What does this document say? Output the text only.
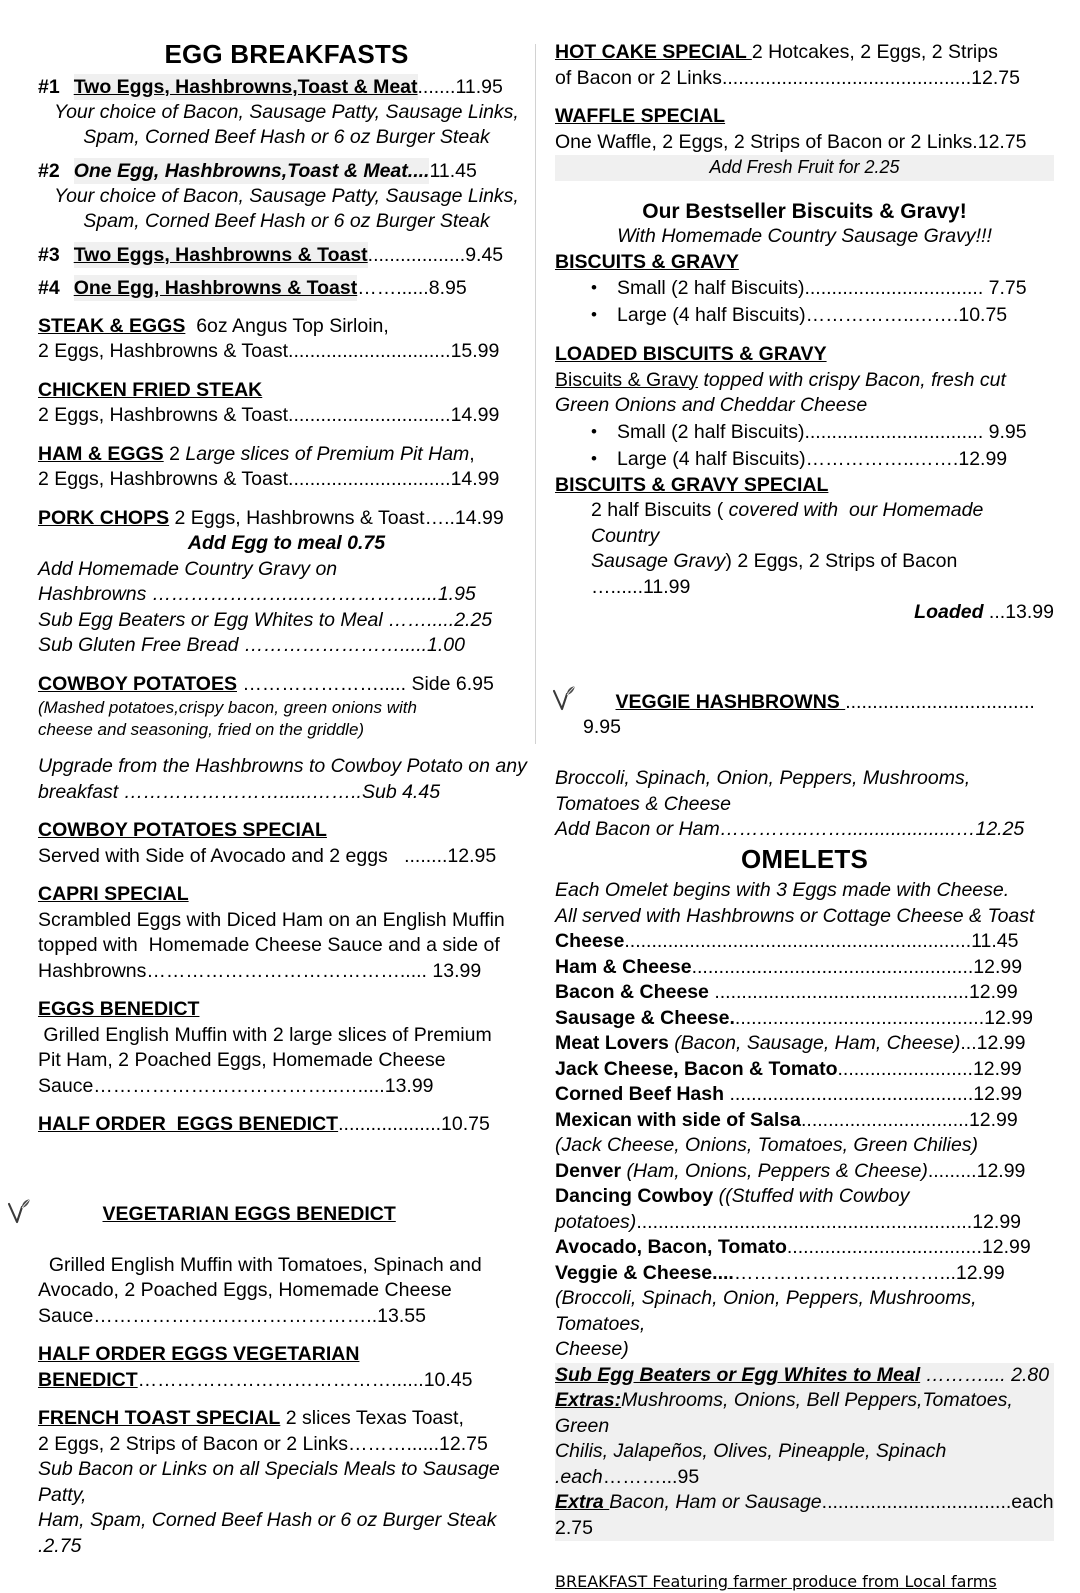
EGG BREAKFASTS
#1 Two Eggs, Hashbrowns,Toast & Meat ....... 11.95
Your choice of Bacon, Sausage Patty, Sausage Links,
Spam, Corned Beef Hash or 6 oz Burger Steak
#2 One Egg, Hashbrowns,Toast & Meat.... 11.45
Your choice of Bacon, Sausage Patty, Sausage Links,
Spam, Corned Beef Hash or 6 oz Burger Steak
#3 Two Eggs, Hashbrowns & Toast .................. 9.45
#4 One Egg, Hashbrowns & Toast ……...... 8.95
STEAK & EGGS  6oz Angus Top Sirloin,
2 Eggs, Hashbrowns & Toast..............................15.99
CHICKEN FRIED STEAK
2 Eggs, Hashbrowns & Toast..............................14.99
HAM & EGGS 2 Large slices of Premium Pit Ham,
2 Eggs, Hashbrowns & Toast..............................14.99
PORK CHOPS 2 Eggs, Hashbrowns & Toast…..14.99
Add Egg to meal 0.75
Add Homemade Country Gravy on
Hashbrowns …………………..………………....1.95
Sub Egg Beaters or Egg Whites to Meal …….....2.25
Sub Gluten Free Bread …………………….....1.00
COWBOY POTATOES …………………..... Side 6.95
(Mashed potatoes,crispy bacon, green onions with
cheese and seasoning, fried on the griddle)
Upgrade from the Hashbrowns to Cowboy Potato on any
breakfast ……………………......……..Sub 4.45
COWBOY POTATOES SPECIAL
Served with Side of Avocado and 2 eggs   ........12.95
CAPRI SPECIAL
Scrambled Eggs with Diced Ham on an English Muffin
topped with  Homemade Cheese Sauce and a side of
Hashbrowns…………………………………..... 13.99
EGGS BENEDICT
Grilled English Muffin with 2 large slices of Premium
Pit Ham, 2 Poached Eggs, Homemade Cheese
Sauce………………………………..….....13.99
HALF ORDER  EGGS BENEDICT...................10.75

VEGETARIAN EGGS BENEDICT

Grilled English Muffin with Tomatoes, Spinach and
Avocado, 2 Poached Eggs, Homemade Cheese
Sauce……………………………………..13.55
HALF ORDER EGGS VEGETARIAN
BENEDICT…………………………………......10.45
FRENCH TOAST SPECIAL 2 slices Texas Toast,
2 Eggs, 2 Strips of Bacon or 2 Links………......12.75
Sub Bacon or Links on all Specials Meals to Sausage Patty,
Ham, Spam, Corned Beef Hash or 6 oz Burger Steak .2.75
HOT CAKE SPECIAL 2 Hotcakes, 2 Eggs, 2 Strips
of Bacon or 2 Links..............................................12.75
WAFFLE SPECIAL
One Waffle, 2 Eggs, 2 Strips of Bacon or 2 Links.12.75
Add Fresh Fruit for 2.25
Our Bestseller Biscuits & Gravy!
With Homemade Country Sausage Gravy!!!
BISCUITS & GRAVY
• Small (2 half Biscuits)................................. 7.75
• Large (4 half Biscuits)……………..…….10.75
LOADED BISCUITS & GRAVY
Biscuits & Gravy topped with crispy Bacon, fresh cut
Green Onions and Cheddar Cheese
• Small (2 half Biscuits)................................. 9.95
• Large (4 half Biscuits)……………..…….12.99
BISCUITS & GRAVY SPECIAL
2 half Biscuits ( covered with  our Homemade Country
Sausage Gravy) 2 Eggs, 2 Strips of Bacon …......11.99
Loaded ...13.99

VEGGIE HASHBROWNS ................................... 9.95

Broccoli, Spinach, Onion, Peppers, Mushrooms,
Tomatoes & Cheese
Add Bacon or Ham…………..……....................…12.25
OMELETS
Each Omelet begins with 3 Eggs made with Cheese.
All served with Hashbrowns or Cottage Cheese & Toast
Cheese................................................................11.45
Ham & Cheese....................................................12.99
Bacon & Cheese ...............................................12.99
Sausage & Cheese...............................................12.99
Meat Lovers (Bacon, Sausage, Ham, Cheese)...12.99
Jack Cheese, Bacon & Tomato.........................12.99
Corned Beef Hash .............................................12.99
Mexican with side of Salsa...............................12.99
(Jack Cheese, Onions, Tomatoes, Green Chilies)
Denver (Ham, Onions, Peppers & Cheese).........12.99
Dancing Cowboy ((Stuffed with Cowboy
potatoes)..............................................................12.99
Avocado, Bacon, Tomato....................................12.99
Veggie & Cheese....…………………..………...12.99
(Broccoli, Spinach, Onion, Peppers, Mushrooms, Tomatoes,
Cheese)
Sub Egg Beaters or Egg Whites to Meal ……….... 2.80
Extras:Mushrooms, Onions, Bell Peppers,Tomatoes, Green
Chilis, Jalapeños, Olives, Pineapple, Spinach .each………...95
Extra Bacon, Ham or Sausage...................................each 2.75
BREAKFAST Featuring farmer produce from Local farms
